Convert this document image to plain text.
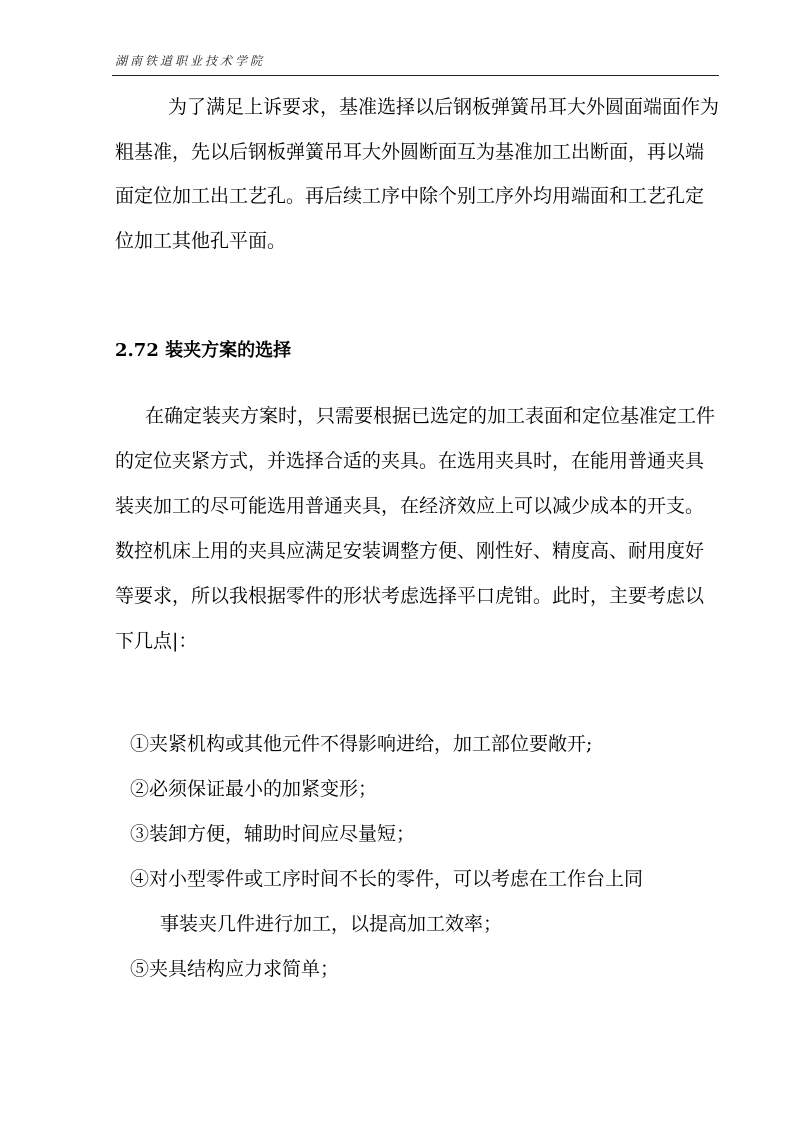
湖南铁道职业技术学院

为了满足上诉要求，基准选择以后钢板弹簧吊耳大外圆面端面作为粗基准，先以后钢板弹簧吊耳大外圆断面互为基准加工出断面，再以端面定位加工出工艺孔。再后续工序中除个别工序外均用端面和工艺孔定位加工其他孔平面。

2.72 装夹方案的选择

在确定装夹方案时，只需要根据已选定的加工表面和定位基准定工件的定位夹紧方式，并选择合适的夹具。在选用夹具时，在能用普通夹具装夹加工的尽可能选用普通夹具，在经济效应上可以减少成本的开支。数控机床上用的夹具应满足安装调整方便、刚性好、精度高、耐用度好等要求，所以我根据零件的形状考虑选择平口虎钳。此时，主要考虑以下几点|：

①夹紧机构或其他元件不得影响进给，加工部位要敞开;
②必须保证最小的加紧变形；
③装卸方便，辅助时间应尽量短；
④对小型零件或工序时间不长的零件，可以考虑在工作台上同
事装夹几件进行加工，以提高加工效率；
⑤夹具结构应力求简单；
